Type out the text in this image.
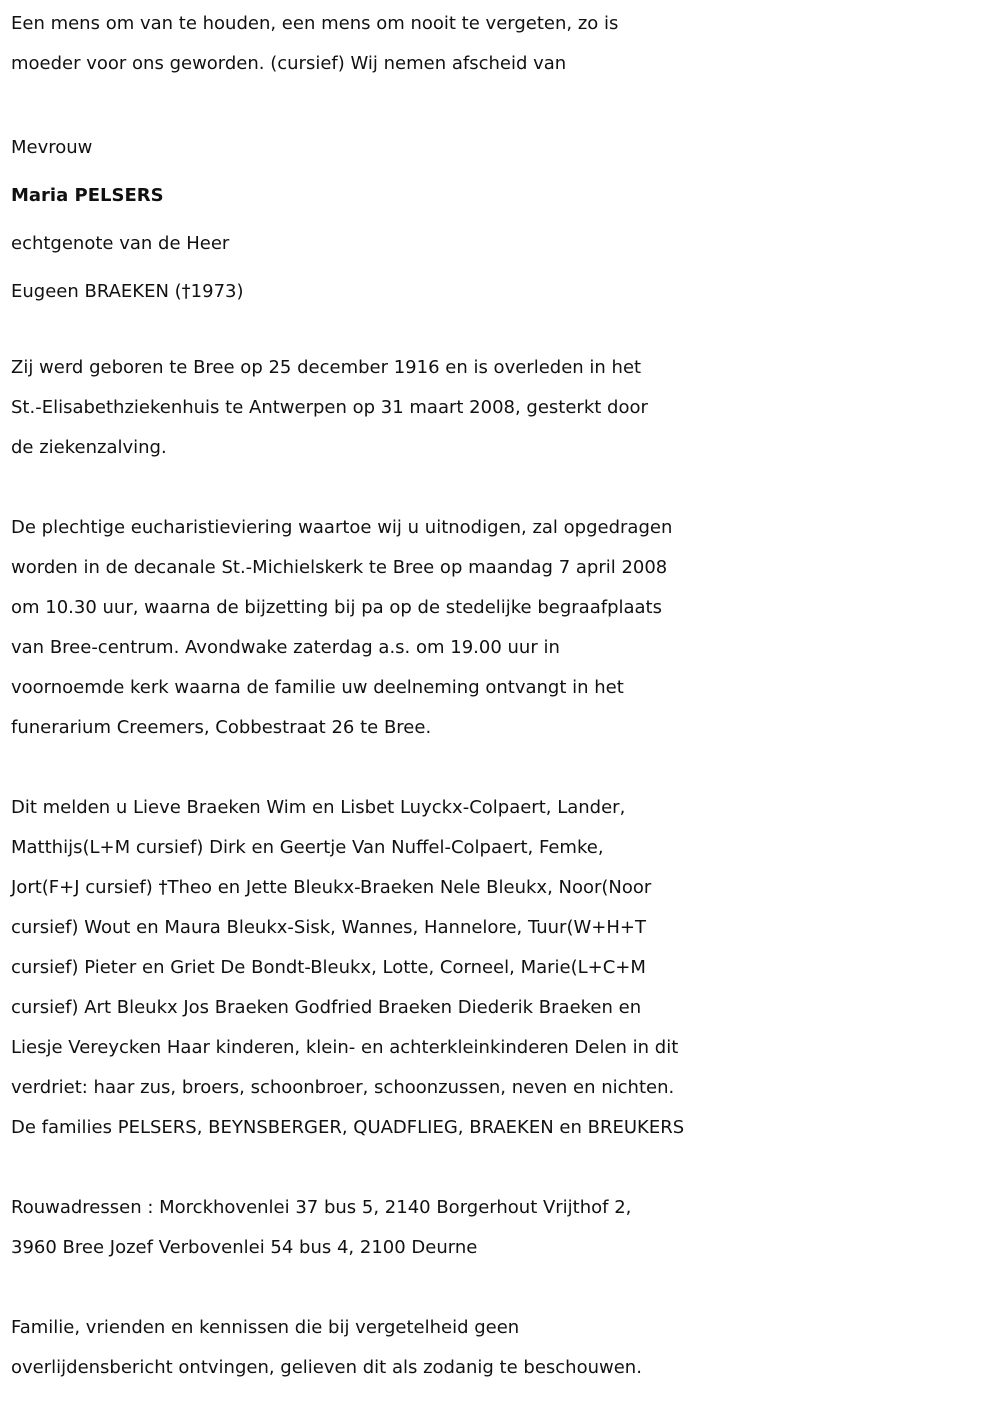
Een mens om van te houden, een mens om nooit te vergeten, zo is
moeder voor ons geworden. (cursief) Wij nemen afscheid van
Mevrouw
Maria PELSERS
echtgenote van de Heer
Eugeen BRAEKEN (†1973)
Zij werd geboren te Bree op 25 december 1916 en is overleden in het
St.-Elisabethziekenhuis te Antwerpen op 31 maart 2008, gesterkt door
de ziekenzalving.
De plechtige eucharistieviering waartoe wij u uitnodigen, zal opgedragen
worden in de decanale St.-Michielskerk te Bree op maandag 7 april 2008
om 10.30 uur, waarna de bijzetting bij pa op de stedelijke begraafplaats
van Bree-centrum. Avondwake zaterdag a.s. om 19.00 uur in
voornoemde kerk waarna de familie uw deelneming ontvangt in het
funerarium Creemers, Cobbestraat 26 te Bree.
Dit melden u Lieve Braeken Wim en Lisbet Luyckx-Colpaert, Lander,
Matthijs(L+M cursief) Dirk en Geertje Van Nuffel-Colpaert, Femke,
Jort(F+J cursief) †Theo en Jette Bleukx-Braeken Nele Bleukx, Noor(Noor
cursief) Wout en Maura Bleukx-Sisk, Wannes, Hannelore, Tuur(W+H+T
cursief) Pieter en Griet De Bondt-Bleukx, Lotte, Corneel, Marie(L+C+M
cursief) Art Bleukx Jos Braeken Godfried Braeken Diederik Braeken en
Liesje Vereycken Haar kinderen, klein- en achterkleinkinderen Delen in dit
verdriet: haar zus, broers, schoonbroer, schoonzussen, neven en nichten.
De families PELSERS, BEYNSBERGER, QUADFLIEG, BRAEKEN en BREUKERS
Rouwadressen : Morckhovenlei 37 bus 5, 2140 Borgerhout Vrijthof 2,
3960 Bree Jozef Verbovenlei 54 bus 4, 2100 Deurne
Familie, vrienden en kennissen die bij vergetelheid geen
overlijdensbericht ontvingen, gelieven dit als zodanig te beschouwen.
